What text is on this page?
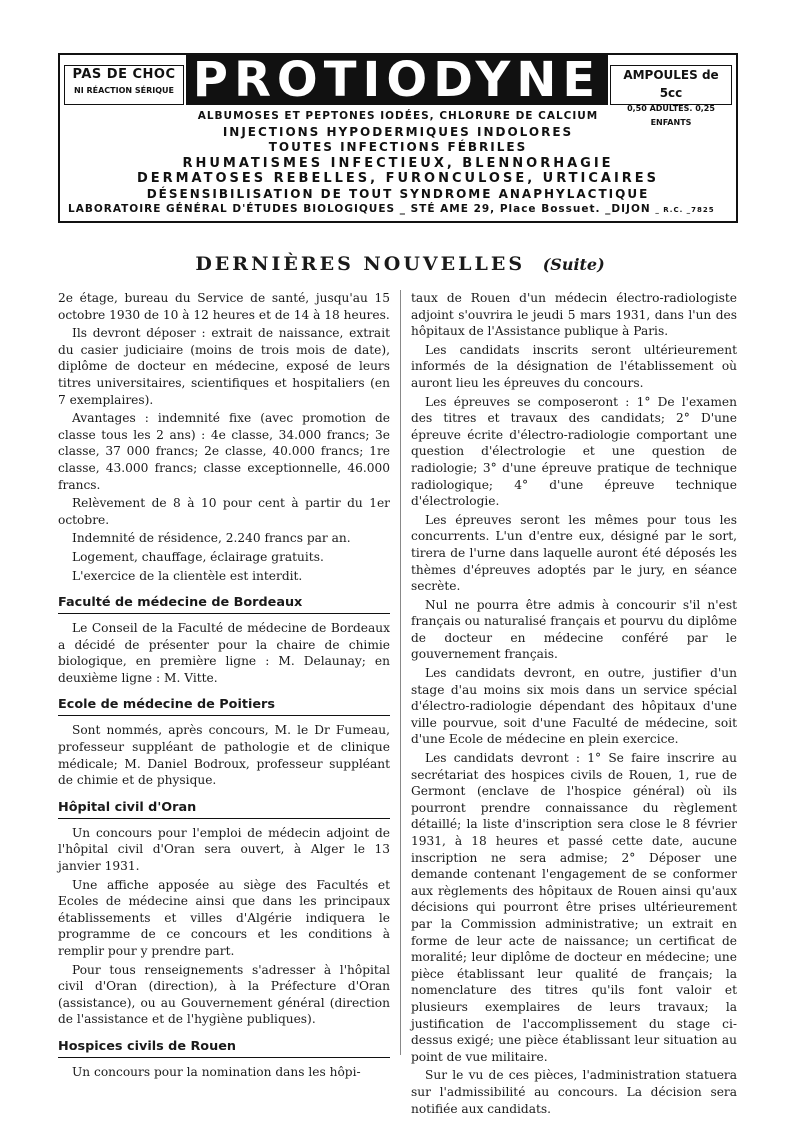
PAS DE CHOC
NI RÉACTION SÉRIQUE PROTIODYNE	AMPOULES de 5cc
0,50 ADULTES. 0,25 ENFANTS
ALBUMOSES ET PEPTONES IODÉES, CHLORURE DE CALCIUM
INJECTIONS HYPODERMIQUES INDOLORES
TOUTES INFECTIONS FÉBRILES
RHUMATISMES INFECTIEUX, BLENNORHAGIE
DERMATOSES REBELLES, FURONCULOSE, URTICAIRES
DÉSENSIBILISATION DE TOUT SYNDROME ANAPHYLACTIQUE
LABORATOIRE GÉNÉRAL D'ÉTUDES BIOLOGIQUES _ STÉ AME 29, Place Bossuet. _DIJON _ R.C. _7825
DERNIÈRES NOUVELLES (Suite)

2e étage, bureau du Service de santé, jusqu'au 15 octobre 1930 de 10 à 12 heures et de 14 à 18 heures.

Ils devront déposer : extrait de naissance, extrait du casier judiciaire (moins de trois mois de date), diplôme de docteur en médecine, exposé de leurs titres universitaires, scientifiques et hospitaliers (en 7 exemplaires).

Avantages : indemnité fixe (avec promotion de classe tous les 2 ans) : 4e classe, 34.000 francs; 3e classe, 37 000 francs; 2e classe, 40.000 francs; 1re classe, 43.000 francs; classe exceptionnelle, 46.000 francs.

Relèvement de 8 à 10 pour cent à partir du 1er octobre.

Indemnité de résidence, 2.240 francs par an.

Logement, chauffage, éclairage gratuits.

L'exercice de la clientèle est interdit.

Faculté de médecine de Bordeaux

Le Conseil de la Faculté de médecine de Bordeaux a décidé de présenter pour la chaire de chimie biologique, en première ligne : M. Delaunay; en deuxième ligne : M. Vitte.

Ecole de médecine de Poitiers

Sont nommés, après concours, M. le Dr Fumeau, professeur suppléant de pathologie et de clinique médicale; M. Daniel Bodroux, professeur suppléant de chimie et de physique.

Hôpital civil d'Oran

Un concours pour l'emploi de médecin adjoint de l'hôpital civil d'Oran sera ouvert, à Alger le 13 janvier 1931.

Une affiche apposée au siège des Facultés et Ecoles de médecine ainsi que dans les principaux établissements et villes d'Algérie indiquera le programme de ce concours et les conditions à remplir pour y prendre part.

Pour tous renseignements s'adresser à l'hôpital civil d'Oran (direction), à la Préfecture d'Oran (assistance), ou au Gouvernement général (direction de l'assistance et de l'hygiène publiques).

Hospices civils de Rouen

Un concours pour la nomination dans les hôpi-

taux de Rouen d'un médecin électro-radiologiste adjoint s'ouvrira le jeudi 5 mars 1931, dans l'un des hôpitaux de l'Assistance publique à Paris.

Les candidats inscrits seront ultérieurement informés de la désignation de l'établissement où auront lieu les épreuves du concours.

Les épreuves se composeront : 1° De l'examen des titres et travaux des candidats; 2° D'une épreuve écrite d'électro-radiologie comportant une question d'électrologie et une question de radiologie; 3° d'une épreuve pratique de technique radiologique; 4° d'une épreuve technique d'électrologie.

Les épreuves seront les mêmes pour tous les concurrents. L'un d'entre eux, désigné par le sort, tirera de l'urne dans laquelle auront été déposés les thèmes d'épreuves adoptés par le jury, en séance secrète.

Nul ne pourra être admis à concourir s'il n'est français ou naturalisé français et pourvu du diplôme de docteur en médecine conféré par le gouvernement français.

Les candidats devront, en outre, justifier d'un stage d'au moins six mois dans un service spécial d'électro-radiologie dépendant des hôpitaux d'une ville pourvue, soit d'une Faculté de médecine, soit d'une Ecole de médecine en plein exercice.

Les candidats devront : 1° Se faire inscrire au secrétariat des hospices civils de Rouen, 1, rue de Germont (enclave de l'hospice général) où ils pourront prendre connaissance du règlement détaillé; la liste d'inscription sera close le 8 février 1931, à 18 heures et passé cette date, aucune inscription ne sera admise; 2° Déposer une demande contenant l'engagement de se conformer aux règlements des hôpitaux de Rouen ainsi qu'aux décisions qui pourront être prises ultérieurement par la Commission administrative; un extrait en forme de leur acte de naissance; un certificat de moralité; leur diplôme de docteur en médecine; une pièce établissant leur qualité de français; la nomenclature des titres qu'ils font valoir et plusieurs exemplaires de leurs travaux; la justification de l'accomplissement du stage ci-dessus exigé; une pièce établissant leur situation au point de vue militaire.

Sur le vu de ces pièces, l'administration statuera sur l'admissibilité au concours. La décision sera notifiée aux candidats.
